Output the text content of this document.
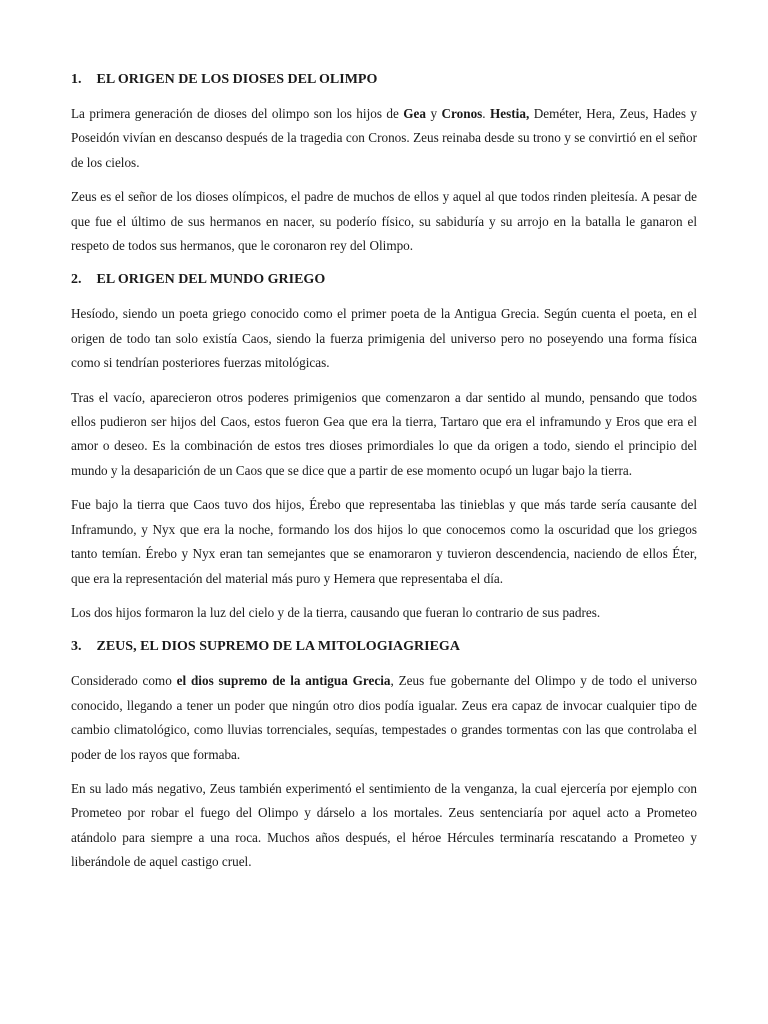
1. EL ORIGEN DE LOS DIOSES DEL OLIMPO

La primera generación de dioses del olimpo son los hijos de Gea y Cronos. Hestia, Deméter, Hera, Zeus, Hades y Poseidón vivían en descanso después de la tragedia con Cronos. Zeus reinaba desde su trono y se convirtió en el señor de los cielos.

Zeus es el señor de los dioses olímpicos, el padre de muchos de ellos y aquel al que todos rinden pleitesía. A pesar de que fue el último de sus hermanos en nacer, su poderío físico, su sabiduría y su arrojo en la batalla le ganaron el respeto de todos sus hermanos, que le coronaron rey del Olimpo.

2. EL ORIGEN DEL MUNDO GRIEGO

Hesíodo, siendo un poeta griego conocido como el primer poeta de la Antigua Grecia. Según cuenta el poeta, en el origen de todo tan solo existía Caos, siendo la fuerza primigenia del universo pero no poseyendo una forma física como si tendrían posteriores fuerzas mitológicas.

Tras el vacío, aparecieron otros poderes primigenios que comenzaron a dar sentido al mundo, pensando que todos ellos pudieron ser hijos del Caos, estos fueron Gea que era la tierra, Tartaro que era el inframundo y Eros que era el amor o deseo. Es la combinación de estos tres dioses primordiales lo que da origen a todo, siendo el principio del mundo y la desaparición de un Caos que se dice que a partir de ese momento ocupó un lugar bajo la tierra.

Fue bajo la tierra que Caos tuvo dos hijos, Érebo que representaba las tinieblas y que más tarde sería causante del Inframundo, y Nyx que era la noche, formando los dos hijos lo que conocemos como la oscuridad que los griegos tanto temían. Érebo y Nyx eran tan semejantes que se enamoraron y tuvieron descendencia, naciendo de ellos Éter, que era la representación del material más puro y Hemera que representaba el día.

Los dos hijos formaron la luz del cielo y de la tierra, causando que fueran lo contrario de sus padres.

3. ZEUS, EL DIOS SUPREMO DE LA MITOLOGIAGRIEGA

Considerado como el dios supremo de la antigua Grecia, Zeus fue gobernante del Olimpo y de todo el universo conocido, llegando a tener un poder que ningún otro dios podía igualar. Zeus era capaz de invocar cualquier tipo de cambio climatológico, como lluvias torrenciales, sequías, tempestades o grandes tormentas con las que controlaba el poder de los rayos que formaba.

En su lado más negativo, Zeus también experimentó el sentimiento de la venganza, la cual ejercería por ejemplo con Prometeo por robar el fuego del Olimpo y dárselo a los mortales. Zeus sentenciaría por aquel acto a Prometeo atándolo para siempre a una roca. Muchos años después, el héroe Hércules terminaría rescatando a Prometeo y liberándole de aquel castigo cruel.
